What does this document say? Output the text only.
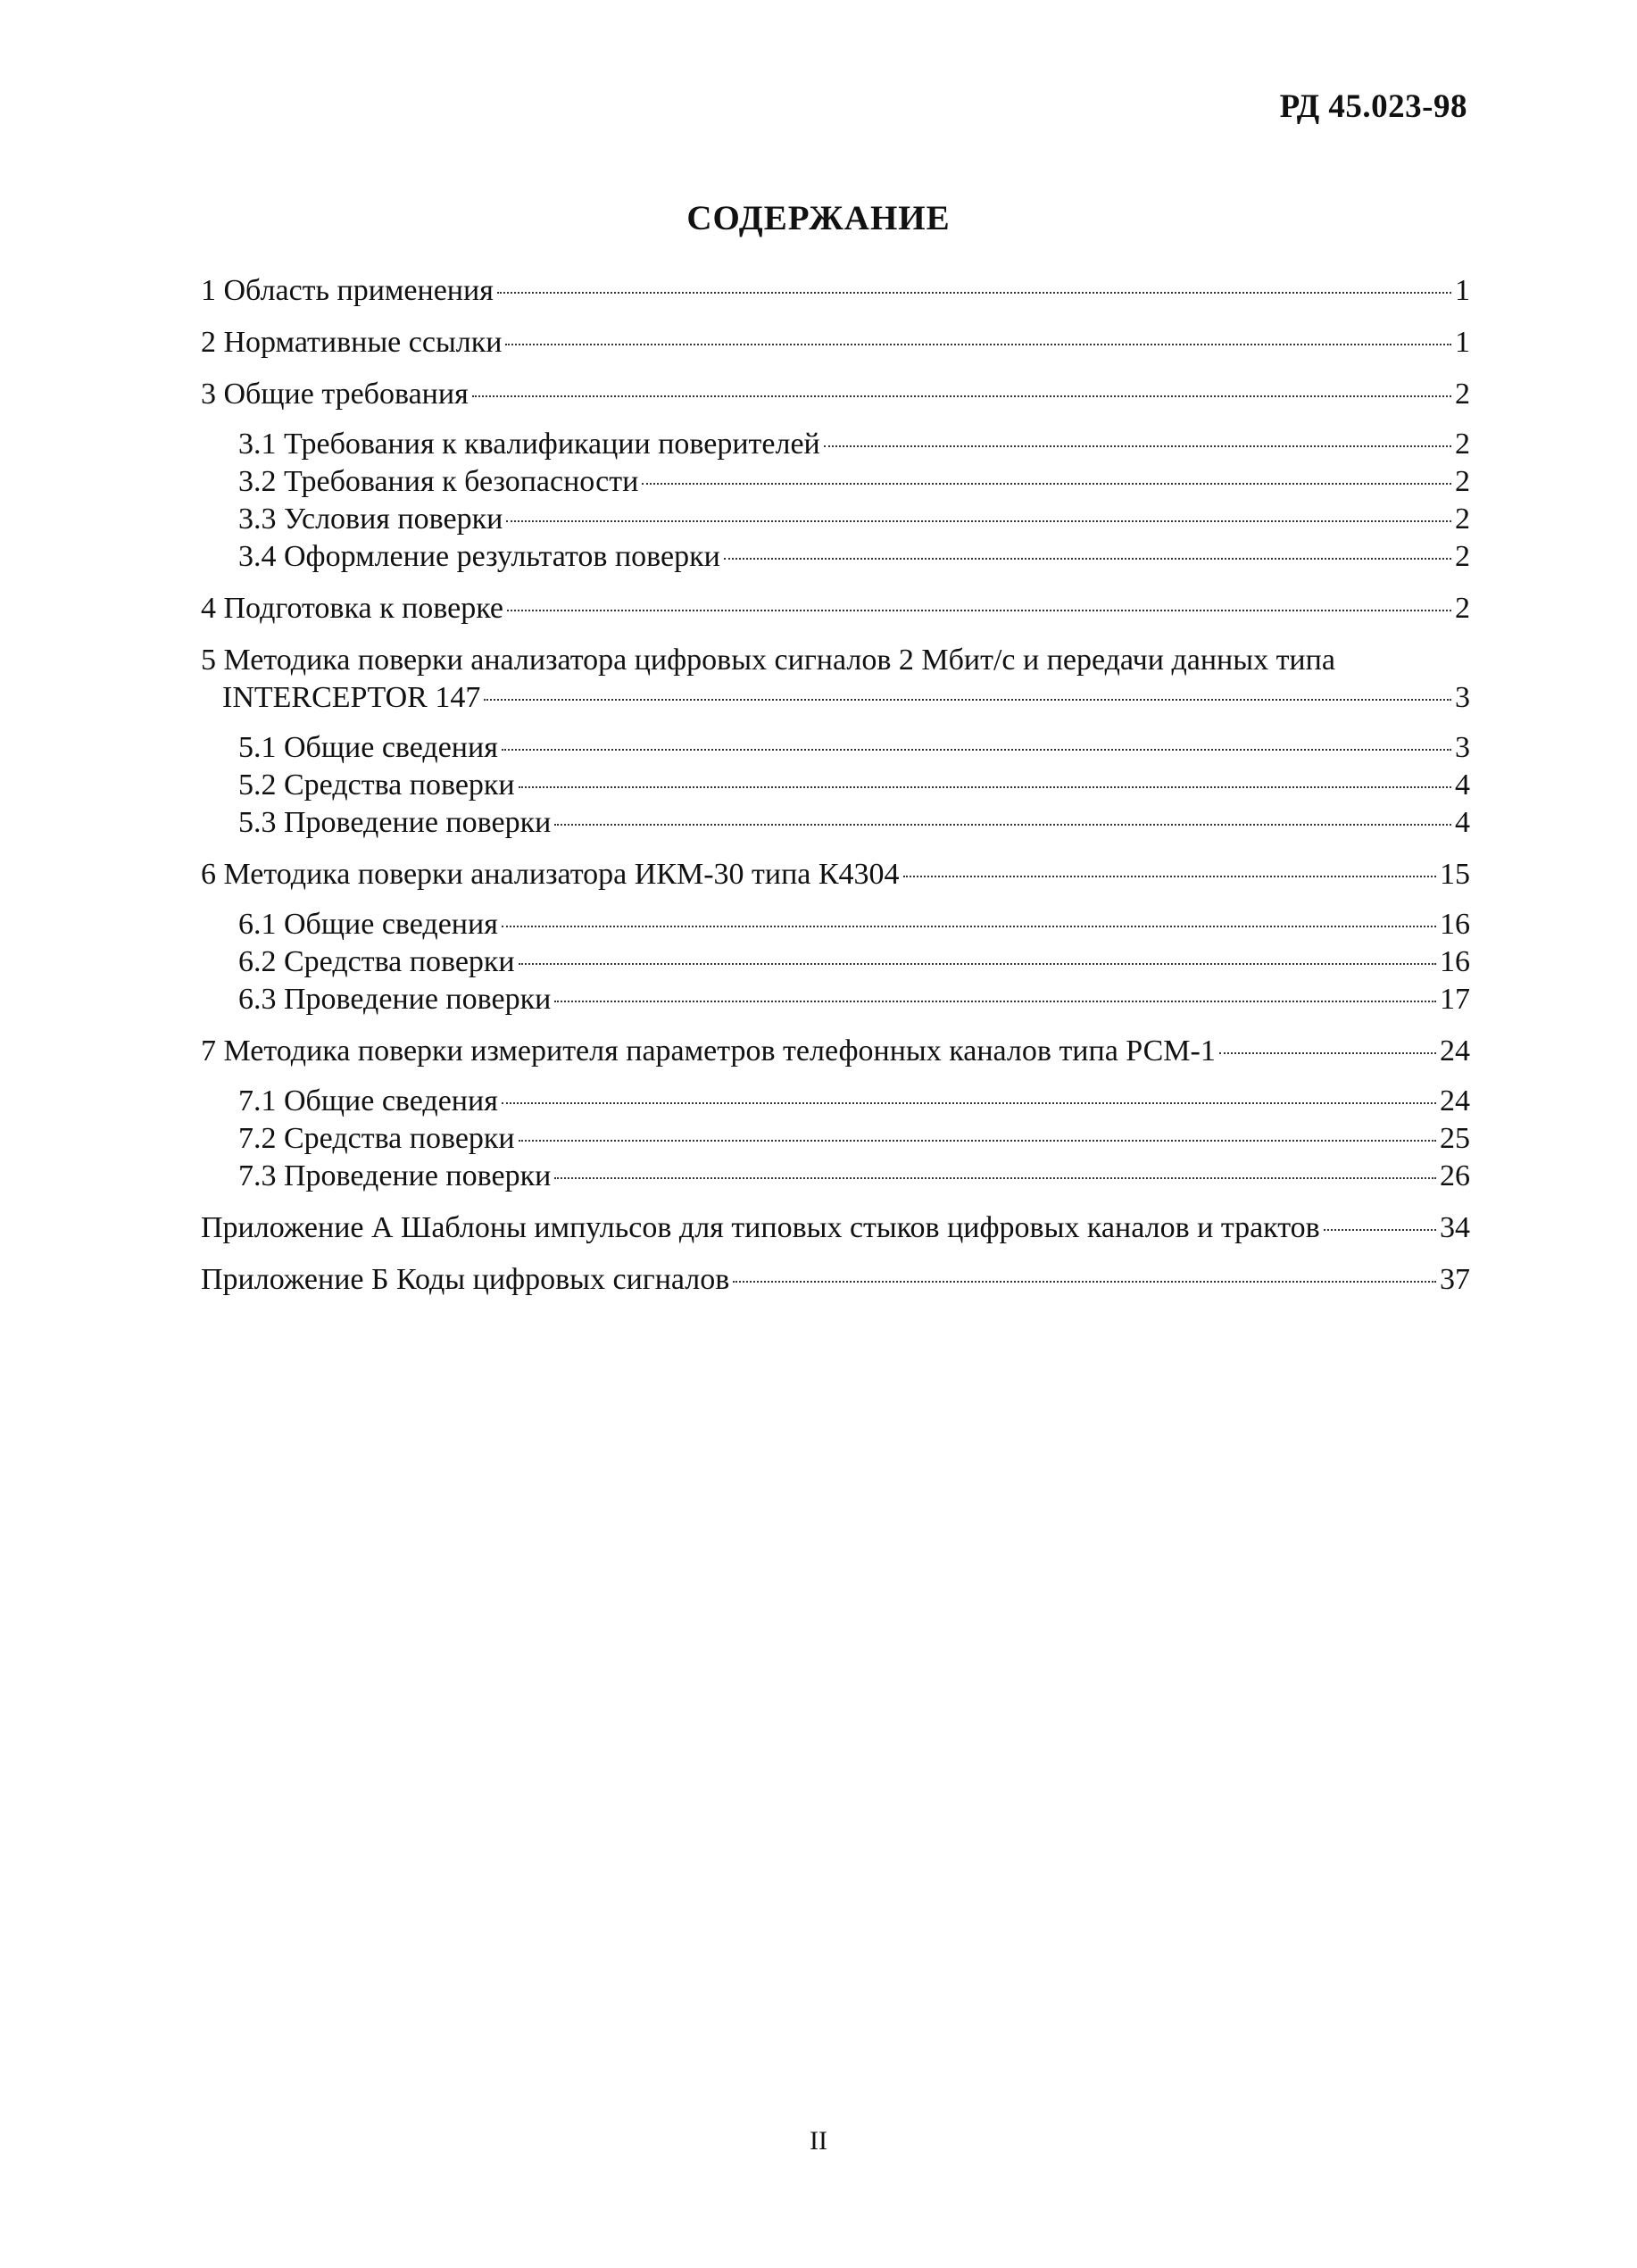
РД 45.023-98
СОДЕРЖАНИЕ
1 Область применения	1
2 Нормативные ссылки	1
3 Общие требования	2
3.1 Требования к квалификации поверителей	2
3.2 Требования к безопасности	2
3.3 Условия поверки	2
3.4 Оформление результатов поверки	2
4 Подготовка к поверке	2
5 Методика поверки анализатора цифровых сигналов 2 Мбит/с и передачи данных типа
INTERCEPTOR 147	3
5.1 Общие сведения	3
5.2 Средства поверки	4
5.3 Проведение поверки	4
6 Методика поверки анализатора ИКМ-30 типа К4304	15
6.1 Общие сведения	16
6.2 Средства поверки	16
6.3 Проведение поверки	17
7 Методика поверки измерителя параметров телефонных каналов типа РСМ-1	24
7.1 Общие сведения	24
7.2 Средства поверки	25
7.3 Проведение поверки	26
Приложение А Шаблоны импульсов для типовых стыков цифровых каналов и трактов	34
Приложение Б Коды цифровых сигналов	37
II
